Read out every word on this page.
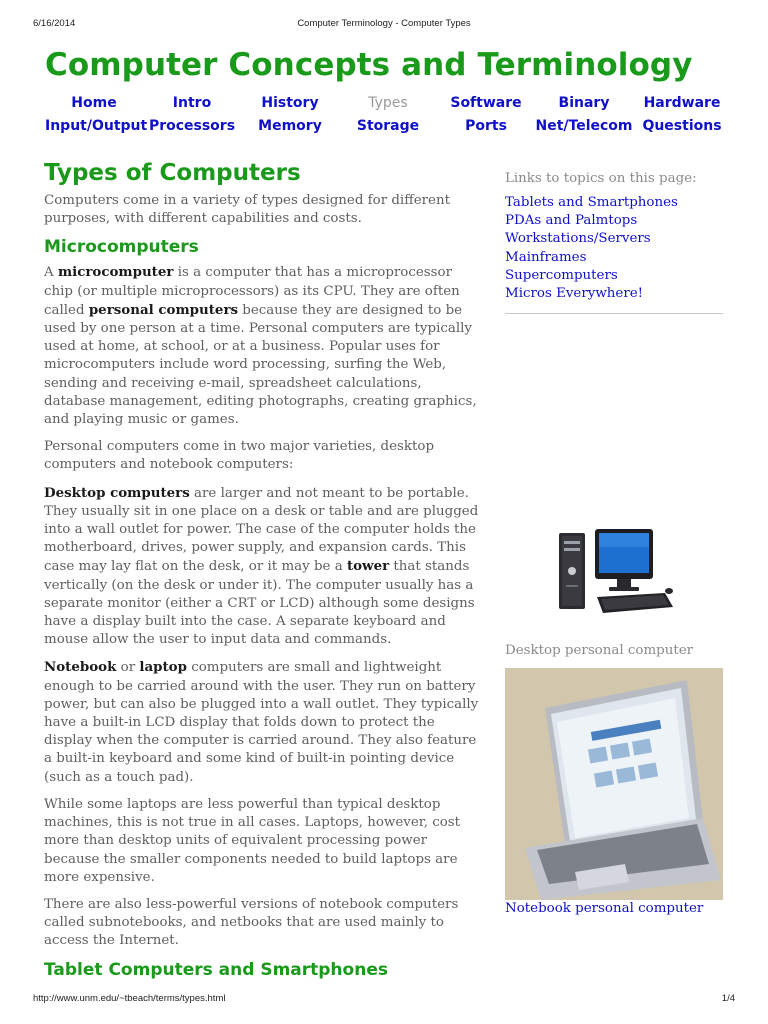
6/16/2014	Computer Terminology - Computer Types
Computer Concepts and Terminology
Home	Intro	History	Types	Software	Binary	Hardware
Input/Output Processors	Memory	Storage	Ports	Net/Telecom Questions
Types of Computers

Computers come in a variety of types designed for different purposes, with different capabilities and costs.

Microcomputers

A microcomputer is a computer that has a microprocessor chip (or multiple microprocessors) as its CPU. They are often called personal computers because they are designed to be used by one person at a time. Personal computers are typically used at home, at school, or at a business. Popular uses for microcomputers include word processing, surfing the Web, sending and receiving e-mail, spreadsheet calculations, database management, editing photographs, creating graphics, and playing music or games.

Personal computers come in two major varieties, desktop computers and notebook computers:

Desktop computers are larger and not meant to be portable. They usually sit in one place on a desk or table and are plugged into a wall outlet for power. The case of the computer holds the motherboard, drives, power supply, and expansion cards. This case may lay flat on the desk, or it may be a tower that stands vertically (on the desk or under it). The computer usually has a separate monitor (either a CRT or LCD) although some designs have a display built into the case. A separate keyboard and mouse allow the user to input data and commands.

Notebook or laptop computers are small and lightweight enough to be carried around with the user. They run on battery power, but can also be plugged into a wall outlet. They typically have a built-in LCD display that folds down to protect the display when the computer is carried around. They also feature a built-in keyboard and some kind of built-in pointing device (such as a touch pad).

While some laptops are less powerful than typical desktop machines, this is not true in all cases. Laptops, however, cost more than desktop units of equivalent processing power because the smaller components needed to build laptops are more expensive.

There are also less-powerful versions of notebook computers called subnotebooks, and netbooks that are used mainly to access the Internet.

Tablet Computers and Smartphones
Links to topics on this page:
Tablets and Smartphones
PDAs and Palmtops
Workstations/Servers
Mainframes
Supercomputers
Micros Everywhere!
Desktop personal computer
Notebook personal computer
http://www.unm.edu/~tbeach/terms/types.html	1/4
